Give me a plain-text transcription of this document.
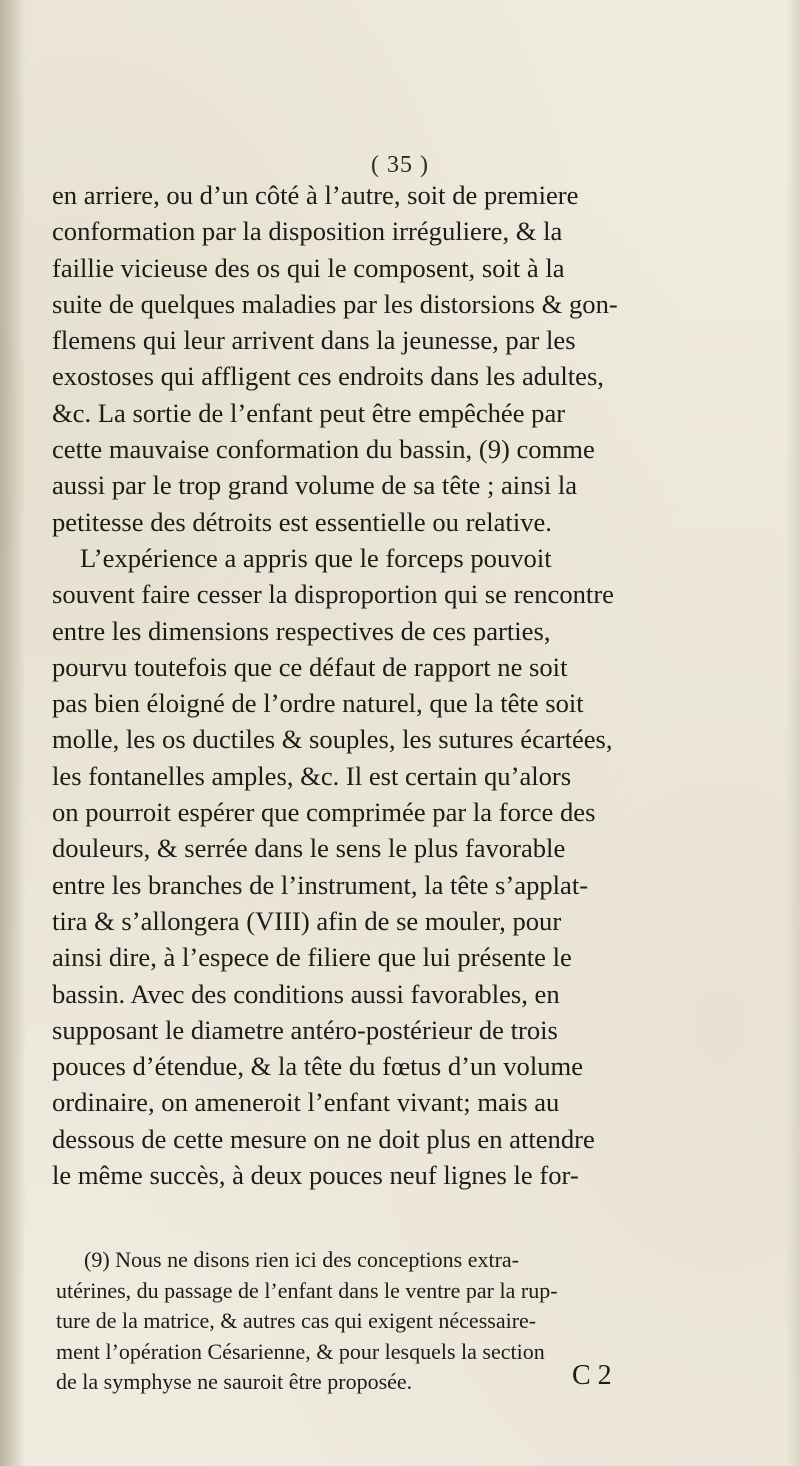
( 35 )
en arriere, ou d’un côté à l’autre, soit de premiere
conformation par la disposition irréguliere, & la
faillie vicieuse des os qui le composent, soit à la
suite de quelques maladies par les distorsions & gon-
flemens qui leur arrivent dans la jeunesse, par les
exostoses qui affligent ces endroits dans les adultes,
&c. La sortie de l’enfant peut être empêchée par
cette mauvaise conformation du bassin, (9) comme
aussi par le trop grand volume de sa tête ; ainsi la
petitesse des détroits est essentielle ou relative.
L’expérience a appris que le forceps pouvoit
souvent faire cesser la disproportion qui se rencontre
entre les dimensions respectives de ces parties,
pourvu toutefois que ce défaut de rapport ne soit
pas bien éloigné de l’ordre naturel, que la tête soit
molle, les os ductiles & souples, les sutures écartées,
les fontanelles amples, &c. Il est certain qu’alors
on pourroit espérer que comprimée par la force des
douleurs, & serrée dans le sens le plus favorable
entre les branches de l’instrument, la tête s’applat-
tira & s’allongera (VIII) afin de se mouler, pour
ainsi dire, à l’espece de filiere que lui présente le
bassin. Avec des conditions aussi favorables, en
supposant le diametre antéro-postérieur de trois
pouces d’étendue, & la tête du fœtus d’un volume
ordinaire, on ameneroit l’enfant vivant; mais au
dessous de cette mesure on ne doit plus en attendre
le même succès, à deux pouces neuf lignes le for-
(9) Nous ne disons rien ici des conceptions extra-
utérines, du passage de l’enfant dans le ventre par la rup-
ture de la matrice, & autres cas qui exigent nécessaire-
ment l’opération Césarienne, & pour lesquels la section
de la symphyse ne sauroit être proposée.	C 2
